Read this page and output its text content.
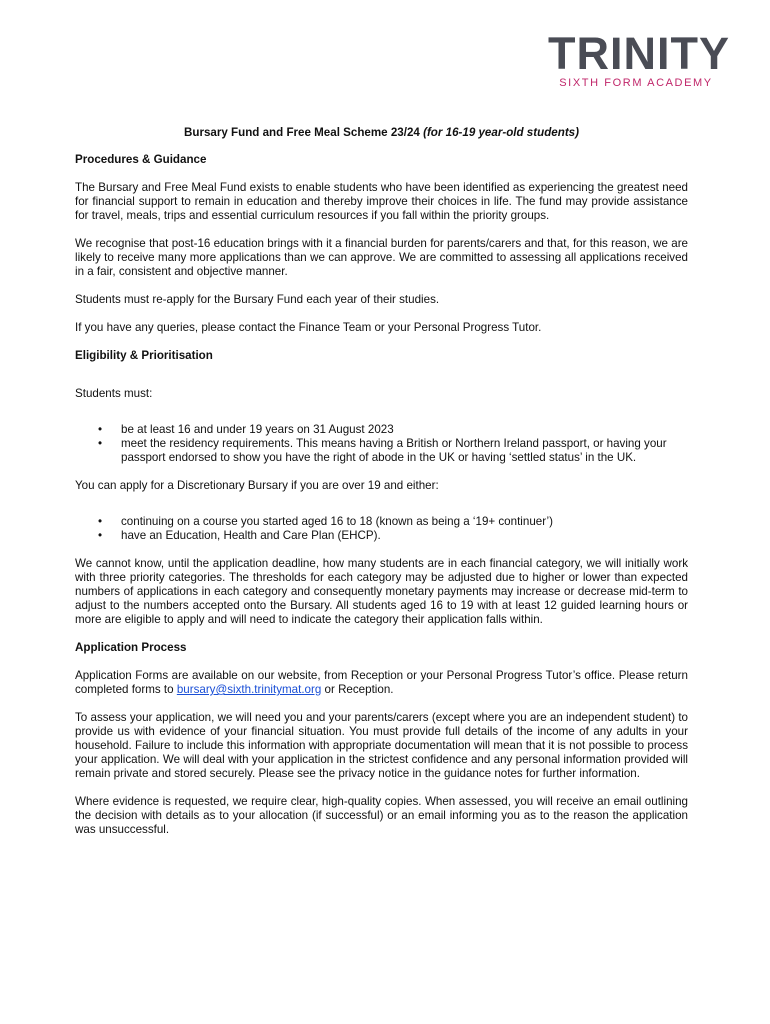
TRINITY
SIXTH FORM ACADEMY
Bursary Fund and Free Meal Scheme 23/24 (for 16-19 year-old students)
Procedures & Guidance

The Bursary and Free Meal Fund exists to enable students who have been identified as experiencing the greatest need for financial support to remain in education and thereby improve their choices in life. The fund may provide assistance for travel, meals, trips and essential curriculum resources if you fall within the priority groups.

We recognise that post-16 education brings with it a financial burden for parents/carers and that, for this reason, we are likely to receive many more applications than we can approve. We are committed to assessing all applications received in a fair, consistent and objective manner.

Students must re-apply for the Bursary Fund each year of their studies.

If you have any queries, please contact the Finance Team or your Personal Progress Tutor.

Eligibility & Prioritisation

Students must:

• be at least 16 and under 19 years on 31 August 2023
• meet the residency requirements. This means having a British or Northern Ireland passport, or having your passport endorsed to show you have the right of abode in the UK or having ‘settled status’ in the UK.

You can apply for a Discretionary Bursary if you are over 19 and either:

• continuing on a course you started aged 16 to 18 (known as being a ‘19+ continuer’)
• have an Education, Health and Care Plan (EHCP).

We cannot know, until the application deadline, how many students are in each financial category, we will initially work with three priority categories. The thresholds for each category may be adjusted due to higher or lower than expected numbers of applications in each category and consequently monetary payments may increase or decrease mid-term to adjust to the numbers accepted onto the Bursary. All students aged 16 to 19 with at least 12 guided learning hours or more are eligible to apply and will need to indicate the category their application falls within.

Application Process

Application Forms are available on our website, from Reception or your Personal Progress Tutor’s office. Please return completed forms to bursary@sixth.trinitymat.org or Reception.

To assess your application, we will need you and your parents/carers (except where you are an independent student) to provide us with evidence of your financial situation. You must provide full details of the income of any adults in your household. Failure to include this information with appropriate documentation will mean that it is not possible to process your application. We will deal with your application in the strictest confidence and any personal information provided will remain private and stored securely. Please see the privacy notice in the guidance notes for further information.

Where evidence is requested, we require clear, high-quality copies. When assessed, you will receive an email outlining the decision with details as to your allocation (if successful) or an email informing you as to the reason the application was unsuccessful.
